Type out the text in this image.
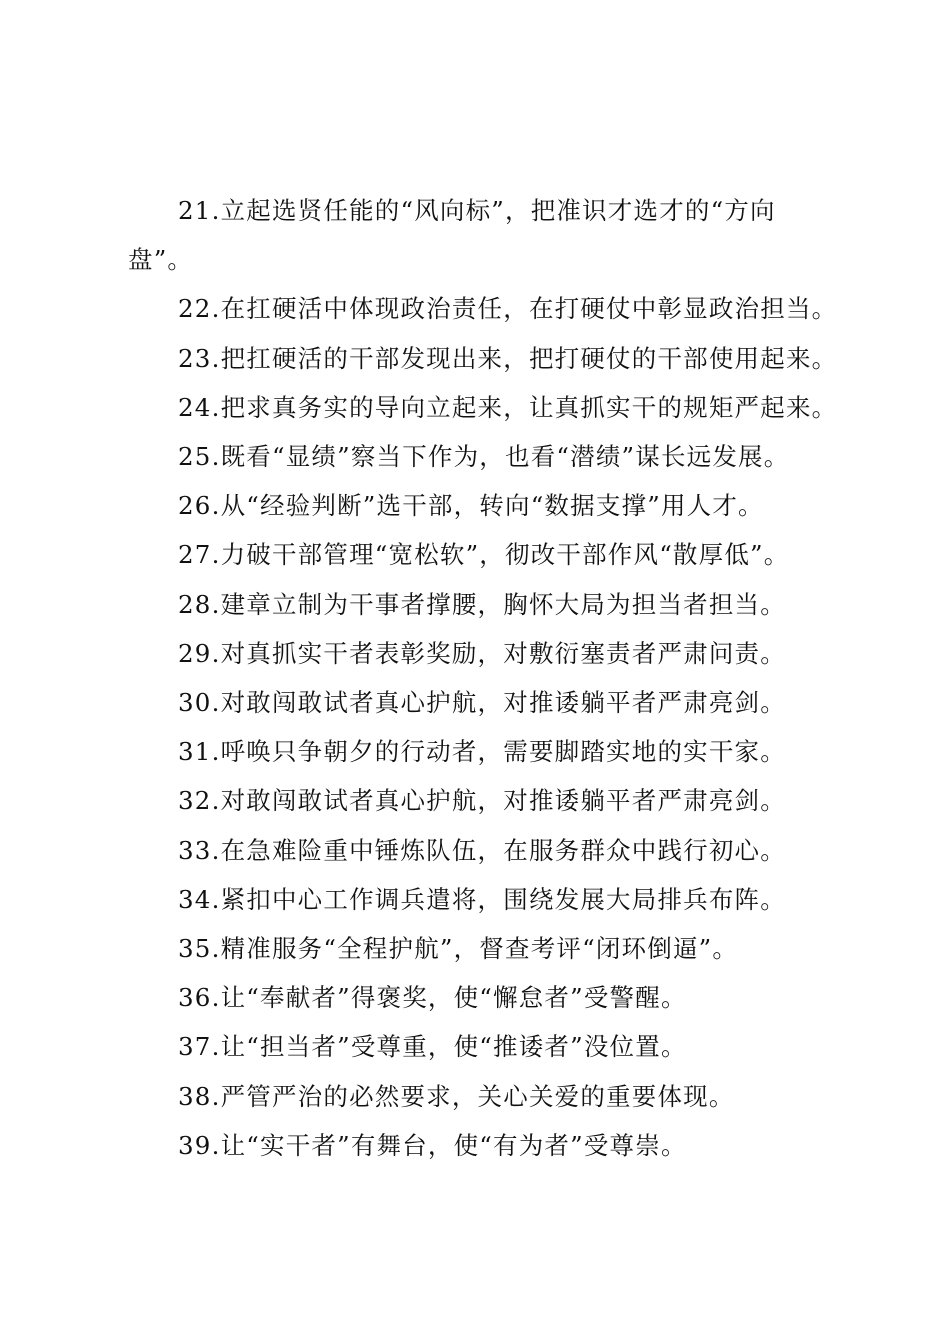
21.立起选贤任能的“风向标”，把准识才选才的“方向盘”。

22.在扛硬活中体现政治责任，在打硬仗中彰显政治担当。

23.把扛硬活的干部发现出来，把打硬仗的干部使用起来。

24.把求真务实的导向立起来，让真抓实干的规矩严起来。

25.既看“显绩”察当下作为，也看“潜绩”谋长远发展。

26.从“经验判断”选干部，转向“数据支撑”用人才。

27.力破干部管理“宽松软”，彻改干部作风“散厚低”。

28.建章立制为干事者撑腰，胸怀大局为担当者担当。

29.对真抓实干者表彰奖励，对敷衍塞责者严肃问责。

30.对敢闯敢试者真心护航，对推诿躺平者严肃亮剑。

31.呼唤只争朝夕的行动者，需要脚踏实地的实干家。

32.对敢闯敢试者真心护航，对推诿躺平者严肃亮剑。

33.在急难险重中锤炼队伍，在服务群众中践行初心。

34.紧扣中心工作调兵遣将，围绕发展大局排兵布阵。

35.精准服务“全程护航”，督查考评“闭环倒逼”。

36.让“奉献者”得褒奖，使“懈怠者”受警醒。

37.让“担当者”受尊重，使“推诿者”没位置。

38.严管严治的必然要求，关心关爱的重要体现。

39.让“实干者”有舞台，使“有为者”受尊崇。
